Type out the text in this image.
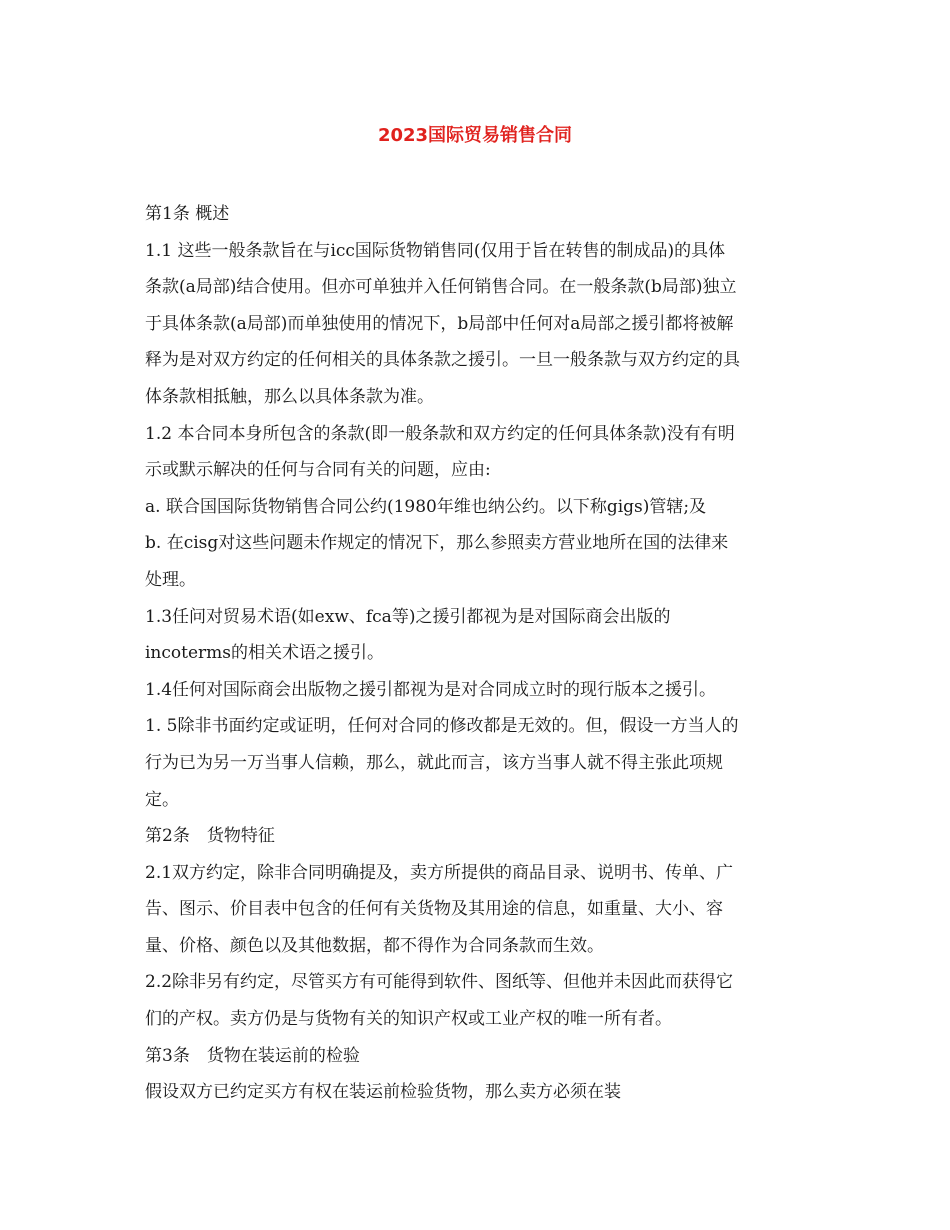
2023国际贸易销售合同

第1条 概述

1.1 这些一般条款旨在与icc国际货物销售同(仅用于旨在转售的制成品)的具体

条款(a局部)结合使用。但亦可单独并入任何销售合同。在一般条款(b局部)独立

于具体条款(a局部)而单独使用的情况下，b局部中任何对a局部之援引都将被解

释为是对双方约定的任何相关的具体条款之援引。一旦一般条款与双方约定的具

体条款相抵触，那么以具体条款为准。

1.2 本合同本身所包含的条款(即一般条款和双方约定的任何具体条款)没有有明

示或默示解决的任何与合同有关的问题，应由:

a. 联合国国际货物销售合同公约(1980年维也纳公约。以下称gigs)管辖;及

b. 在cisg对这些问题未作规定的情况下，那么参照卖方营业地所在国的法律来

处理。

1.3任问对贸易术语(如exw、fca等)之援引都视为是对国际商会出版的

incoterms的相关术语之援引。

1.4任何对国际商会出版物之援引都视为是对合同成立时的现行版本之援引。

1. 5除非书面约定或证明，任何对合同的修改都是无效的。但，假设一方当人的

行为已为另一万当事人信赖，那么，就此而言，该方当事人就不得主张此项规

定。

第2条　货物特征

2.1双方约定，除非合同明确提及，卖方所提供的商品目录、说明书、传单、广

告、图示、价目表中包含的任何有关货物及其用途的信息，如重量、大小、容

量、价格、颜色以及其他数据，都不得作为合同条款而生效。

2.2除非另有约定，尽管买方有可能得到软件、图纸等、但他并未因此而获得它

们的产权。卖方仍是与货物有关的知识产权或工业产权的唯一所有者。

第3条　货物在装运前的检验

假设双方已约定买方有权在装运前检验货物，那么卖方必须在装
